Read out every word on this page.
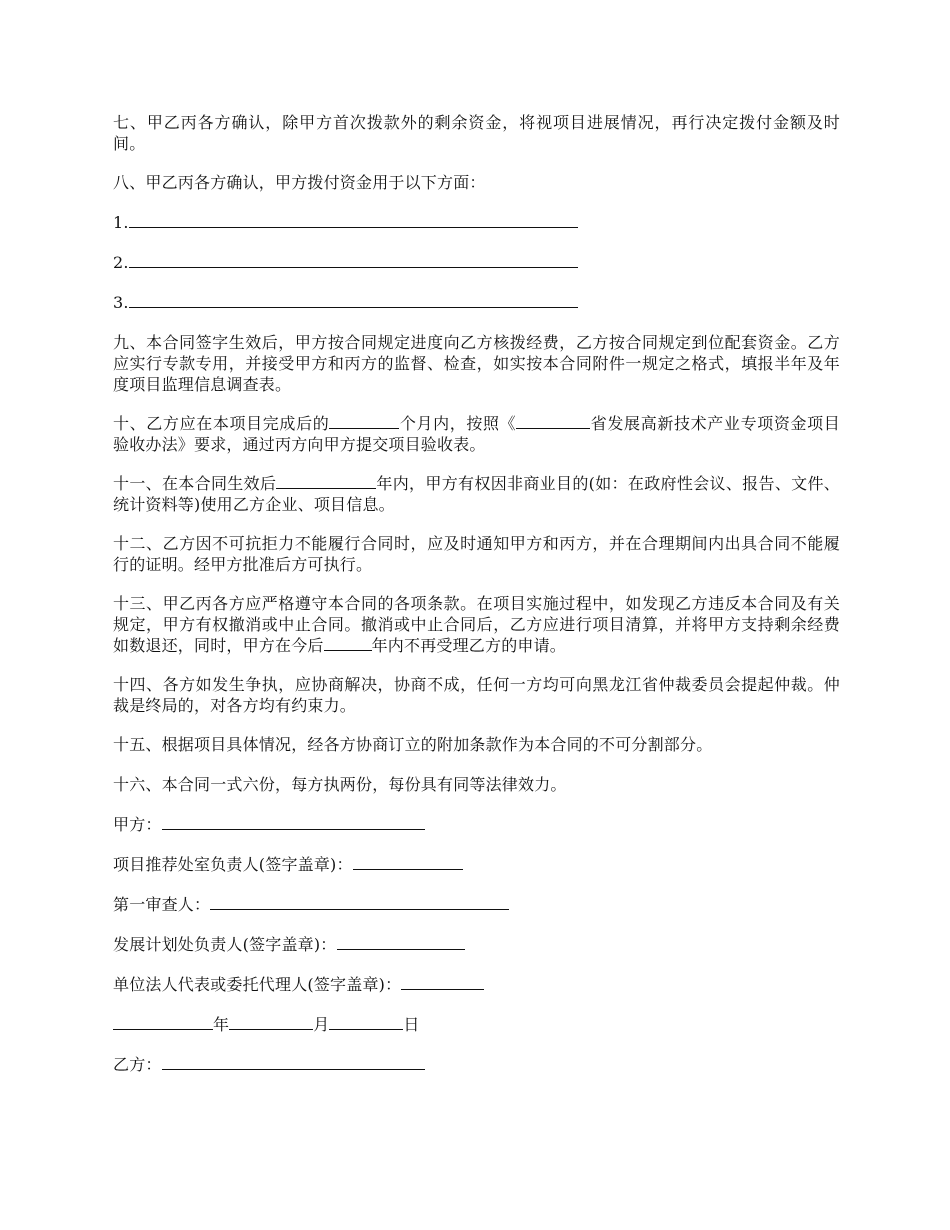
七、甲乙丙各方确认，除甲方首次拨款外的剩余资金，将视项目进展情况，再行决定拨付金额及时间。

八、甲乙丙各方确认，甲方拨付资金用于以下方面：

1.

2.

3.

九、本合同签字生效后，甲方按合同规定进度向乙方核拨经费，乙方按合同规定到位配套资金。乙方应实行专款专用，并接受甲方和丙方的监督、检查，如实按本合同附件一规定之格式，填报半年及年度项目监理信息调查表。

十、乙方应在本项目完成后的	个月内，按照《	省发展高新技术产业专项资金项目验收办法》要求，通过丙方向甲方提交项目验收表。

十一、在本合同生效后	年内，甲方有权因非商业目的(如：在政府性会议、报告、文件、统计资料等)使用乙方企业、项目信息。

十二、乙方因不可抗拒力不能履行合同时，应及时通知甲方和丙方，并在合理期间内出具合同不能履行的证明。经甲方批准后方可执行。

十三、甲乙丙各方应严格遵守本合同的各项条款。在项目实施过程中，如发现乙方违反本合同及有关规定，甲方有权撤消或中止合同。撤消或中止合同后，乙方应进行项目清算，并将甲方支持剩余经费如数退还，同时，甲方在今后	年内不再受理乙方的申请。

十四、各方如发生争执，应协商解决，协商不成，任何一方均可向黑龙江省仲裁委员会提起仲裁。仲裁是终局的，对各方均有约束力。

十五、根据项目具体情况，经各方协商订立的附加条款作为本合同的不可分割部分。

十六、本合同一式六份，每方执两份，每份具有同等法律效力。

甲方：

项目推荐处室负责人(签字盖章)：

第一审查人：

发展计划处负责人(签字盖章)：

单位法人代表或委托代理人(签字盖章)：

年	月	日

乙方：
